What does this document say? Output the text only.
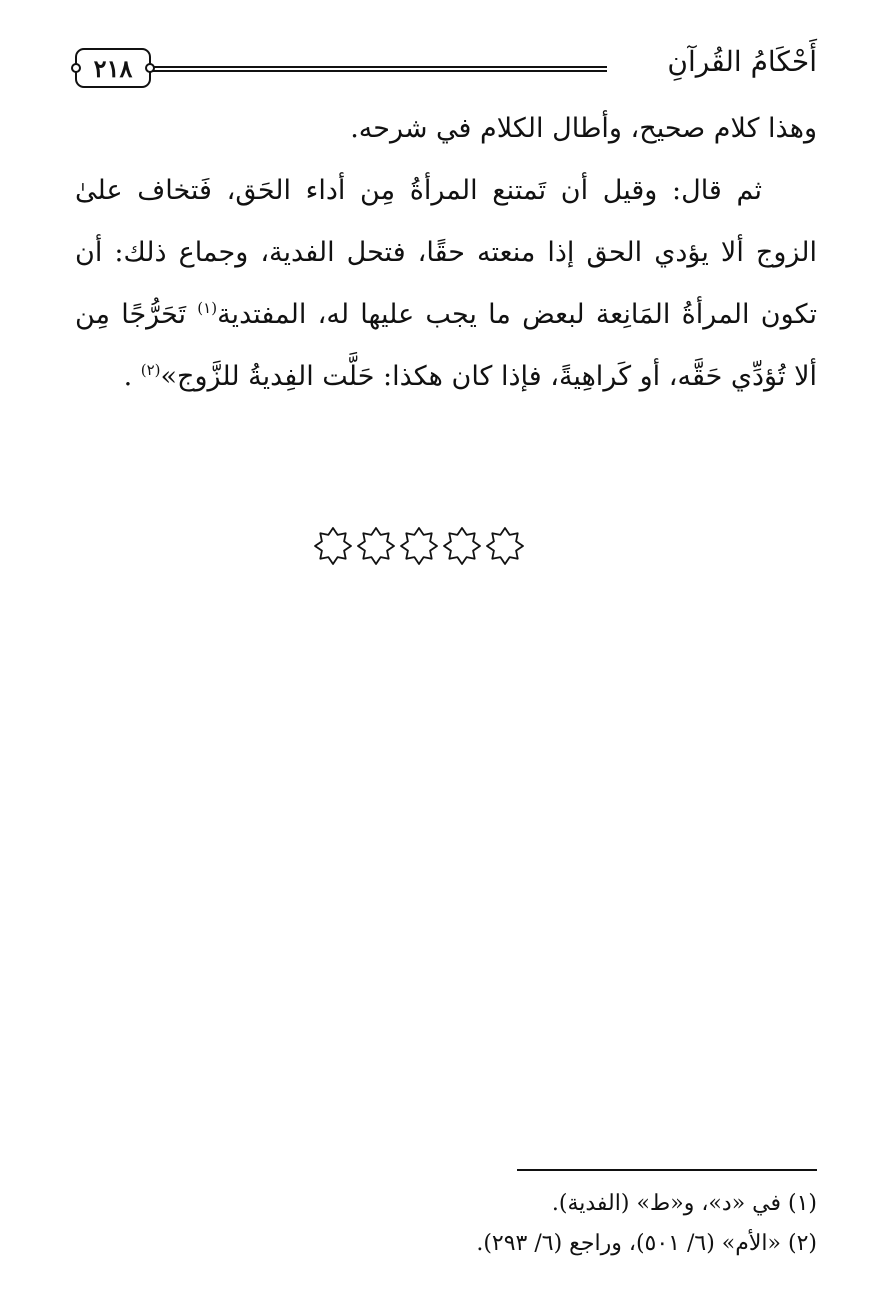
أَحْكَامُ القُرآنِ
٢١٨

وهذا كلام صحيح، وأطال الكلام في شرحه.

ثم قال: وقيل أن تَمتنع المرأةُ مِن أداء الحَق، فَتخاف علىٰ الزوج ألا يؤدي الحق إذا منعته حقًا، فتحل الفدية، وجماع ذلك: أن تكون المرأةُ المَانِعة لبعض ما يجب عليها له، المفتدية$^{(١)}$ تَحَرُّجًا مِن ألا تُؤدِّي حَقَّه، أو كَراهِيةً، فإذا كان هكذا: حَلَّت الفِديةُ للزَّوج»$^{(٢)}$ .

(١) في «د»، و«ط» (الفدية).
(٢) «الأم» (٦/ ٥٠١)، وراجع (٦/ ٢٩٣).
